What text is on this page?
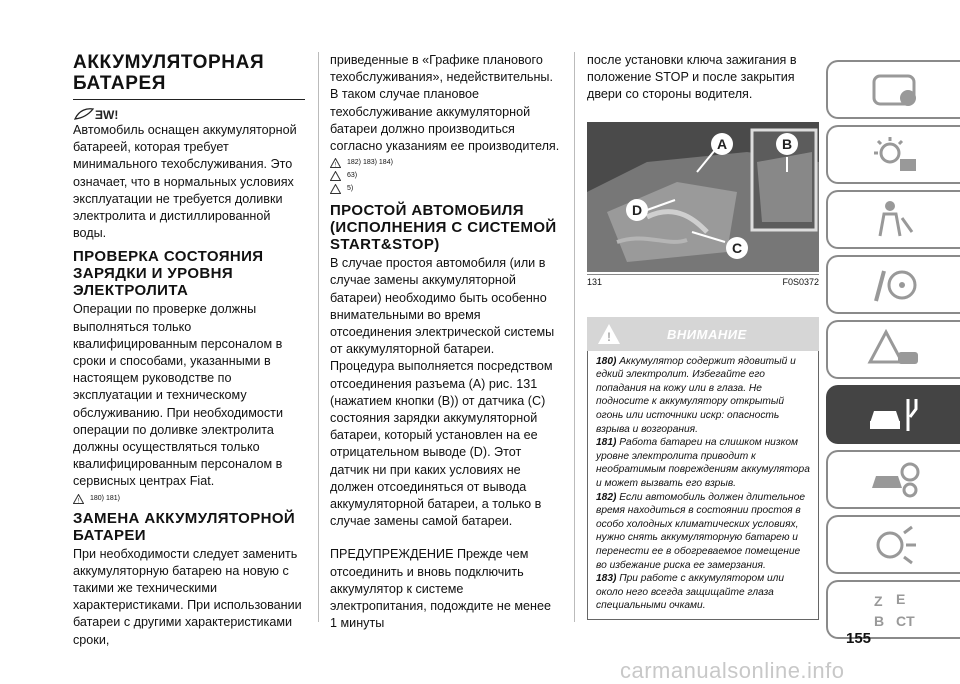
АККУМУЛЯТОРНАЯ
БАТАРЕЯ
ƎW!

Автомобиль оснащен аккумуляторной батареей, которая требует минимального техобслуживания. Это означает, что в нормальных условиях эксплуатации не требуется доливки электролита и дистиллированной воды.

ПРОВЕРКА СОСТОЯНИЯ ЗАРЯДКИ И УРОВНЯ ЭЛЕКТРОЛИТА

Операции по проверке должны выполняться только квалифицированным персоналом в сроки и способами, указанными в настоящем руководстве по эксплуатации и техническому обслуживанию. При необходимости операции по доливке электролита должны осуществляться только квалифицированным персоналом в сервисных центрах Fiat.

! 180) 181)
ЗАМЕНА АККУМУЛЯТОРНОЙ БАТАРЕИ

При необходимости следует заменить аккумуляторную батарею на новую с такими же техническими характеристиками. При использовании батареи с другими характеристиками сроки,

приведенные в «Графике планового техобслуживания», недействительны. В таком случае плановое техобслуживание аккумуляторной батареи должно производиться согласно указаниям ее производителя.

! 182) 183) 184)
63)
5)
ПРОСТОЙ АВТОМОБИЛЯ (ИСПОЛНЕНИЯ С СИСТЕМОЙ START&STOP)

В случае простоя автомобиля (или в случае замены аккумуляторной батареи) необходимо быть особенно внимательными во время отсоединения электрической системы от аккумуляторной батареи.

Процедура выполняется посредством отсоединения разъема (A) рис. 131 (нажатием кнопки (B)) от датчика (C) состояния зарядки аккумуляторной батареи, который установлен на ее отрицательном выводе (D). Этот датчик ни при каких условиях не должен отсоединяться от вывода аккумуляторной батареи, а только в случае замены самой батареи.

ПРЕДУПРЕЖДЕНИЕ Прежде чем отсоединить и вновь подключить аккумулятор к системе электропитания, подождите не менее 1 минуты

после установки ключа зажигания в положение STOP и после закрытия двери со стороны водителя.

A	B
D
C
131	F0S0372
!	ВНИМАНИЕ
180) Аккумулятор содержит ядовитый и едкий электролит. Избегайте его попадания на кожу или в глаза. Не подносите к аккумулятору открытый огонь или источники искр: опасность взрыва и возгорания.
181) Работа батареи на слишком низком уровне электролита приводит к необратимым повреждениям аккумулятора и может вызвать его взрыв.
182) Если автомобиль должен длительное время находиться в состоянии простоя в особо холодных климатических условиях, нужно снять аккумуляторную батарею и перенести ее в обогреваемое помещение во избежание риска ее замерзания.
183) При работе с аккумулятором или около него всегда защищайте глаза специальными очками.	Z E
B CT
155
carmanualsonline.info
